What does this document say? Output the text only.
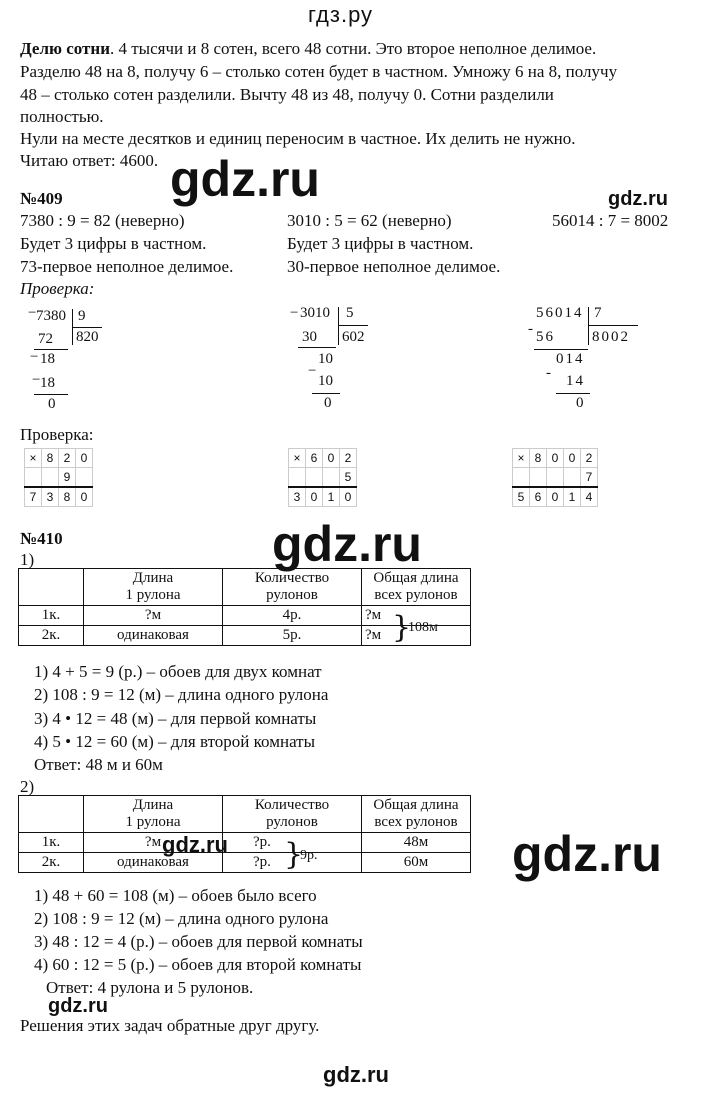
гдз.ру
Делю сотни. 4 тысячи и 8 сотен, всего 48 сотни. Это второе неполное делимое.
Разделю 48 на 8, получу 6 – столько сотен будет в частном. Умножу 6 на 8, получу
48 – столько сотен разделили. Вычту 48 из 48, получу 0. Сотни разделили
полностью.
Нули на месте десятков и единиц переносим в частное. Их делить не нужно.
Читаю ответ: 4600. gdz.ru	gdz.ru
gdz.ru
gdz.ru	gdz.ru
gdz.ru
gdz.ru
№409
7380 : 9 = 82 (неверно)
Будет 3 цифры в частном.
73-первое неполное делимое.
3010 : 5 = 62 (неверно)
Будет 3 цифры в частном.
30-первое неполное делимое.
56014 : 7 = 8002
Проверка:
− 7380 9
820
72
− 18
18
−
0
− 3010 5
602
30
10
−
10
0
56014 7
8002
- 56
014
- 14
0
Проверка:
×	8	2	0
		9	
7	3	8	0
×	6	0	2
			5
3	0	1	0
×	8	0	0	2
				7
5	6	0	1	4
№410
1)
	Длина
1 рулона	Количество
рулонов	Общая длина
всех рулонов
1к.	?м	4р.	?м
2к.	одинаковая	5р.	?м }
108м
1) 4 + 5 = 9 (р.) – обоев для двух комнат
2) 108 : 9 = 12 (м) – длина одного рулона
3) 4 • 12 = 48 (м) – для первой комнаты
4) 5 • 12 = 60 (м) – для второй комнаты
Ответ: 48 м и 60м
2)
	Длина
1 рулона	Количество
рулонов	Общая длина
всех рулонов
1к.	?м	?р.	48м
2к.	одинаковая	?р.	60м
}
9р.
1) 48 + 60 = 108 (м) – обоев было всего
2) 108 : 9 = 12 (м) – длина одного рулона
3) 48 : 12 = 4 (р.) – обоев для первой комнаты
4) 60 : 12 = 5 (р.) – обоев для второй комнаты
Ответ: 4 рулона и 5 рулонов.
Решения этих задач обратные друг другу.
